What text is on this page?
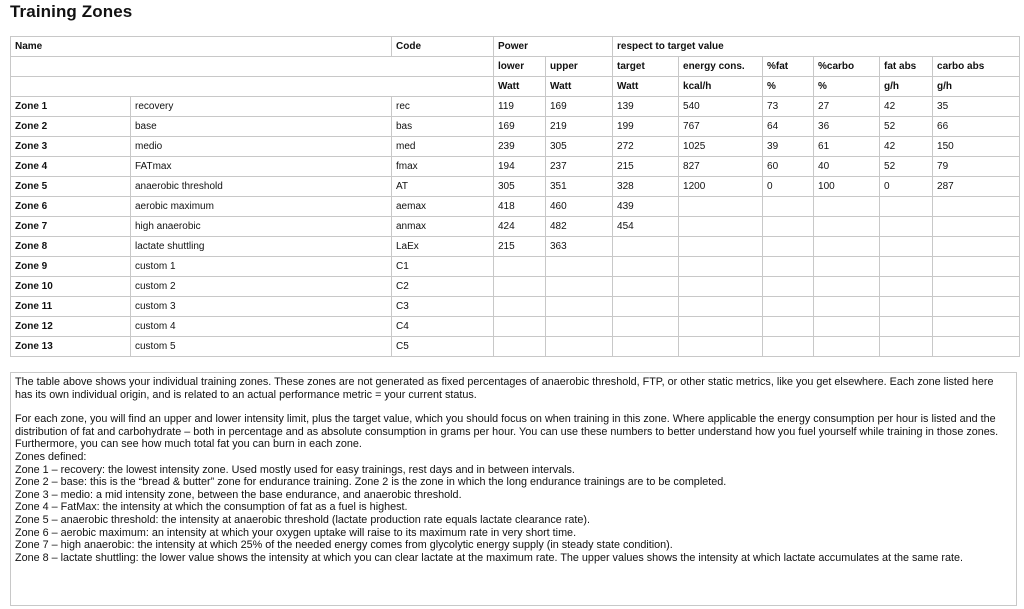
Training Zones
Name		Code	Power		respect to target value					
			lower	upper	target	energy cons.	%fat	%carbo	fat abs	carbo abs
			Watt	Watt	Watt	kcal/h	%	%	g/h	g/h
Zone 1	recovery	rec	119	169	139	540	73	27	42	35
Zone 2	base	bas	169	219	199	767	64	36	52	66
Zone 3	medio	med	239	305	272	1025	39	61	42	150
Zone 4	FATmax	fmax	194	237	215	827	60	40	52	79
Zone 5	anaerobic threshold	AT	305	351	328	1200	0	100	0	287
Zone 6	aerobic maximum	aemax	418	460	439					
Zone 7	high anaerobic	anmax	424	482	454					
Zone 8	lactate shuttling	LaEx	215	363						
Zone 9	custom 1	C1								
Zone 10	custom 2	C2								
Zone 11	custom 3	C3								
Zone 12	custom 4	C4								
Zone 13	custom 5	C5								

The table above shows your individual training zones. These zones are not generated as fixed percentages of anaerobic threshold, FTP, or other static metrics, like you get elsewhere. Each zone listed here has its own individual origin, and is related to an actual performance metric = your current status.

For each zone, you will find an upper and lower intensity limit, plus the target value, which you should focus on when training in this zone. Where applicable the energy consumption per hour is listed and the distribution of fat and carbohydrate – both in percentage and as absolute consumption in grams per hour. You can use these numbers to better understand how you fuel yourself while training in those zones. Furthermore, you can see how much total fat you can burn in each zone.

Zones defined:

Zone 1 – recovery: the lowest intensity zone. Used mostly used for easy trainings, rest days and in between intervals.

Zone 2 – base: this is the “bread & butter” zone for endurance training. Zone 2 is the zone in which the long endurance trainings are to be completed.

Zone 3 – medio: a mid intensity zone, between the base endurance, and anaerobic threshold.

Zone 4 – FatMax: the intensity at which the consumption of fat as a fuel is highest.

Zone 5 – anaerobic threshold: the intensity at anaerobic threshold (lactate production rate equals lactate clearance rate).

Zone 6 – aerobic maximum: an intensity at which your oxygen uptake will raise to its maximum rate in very short time.

Zone 7 – high anaerobic: the intensity at which 25% of the needed energy comes from glycolytic energy supply (in steady state condition).

Zone 8 – lactate shuttling: the lower value shows the intensity at which you can clear lactate at the maximum rate. The upper values shows the intensity at which lactate accumulates at the same rate.
